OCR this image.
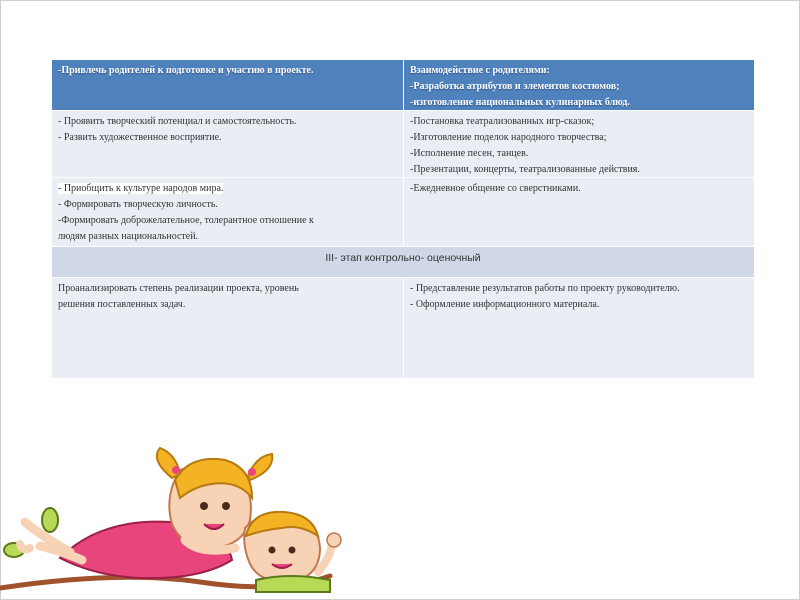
-Привлечь родителей к подготовке и участию в проекте.	Взаимодействие с родителями:
-Разработка атрибутов и элементов костюмов;
-изготовление национальных кулинарных блюд.
- Проявить творческий потенциал и самостоятельность.
- Развить художественное восприятие.
-Постановка театрализованных игр-сказок;
-Изготовление поделок народного творчества;
-Исполнение песен, танцев.
-Презентации, концерты, театрализованные действия.
- Приобщить к культуре народов мира.
- Формировать творческую личность.
-Формировать доброжелательное, толерантное отношение к
людям разных национальностей.
-Ежедневное общение со сверстниками.
III- этап контрольно- оценочный
Проанализировать степень реализации проекта, уровень
решения поставленных задач.
- Представление результатов работы по проекту руководителю.
- Оформление информационного материала.
